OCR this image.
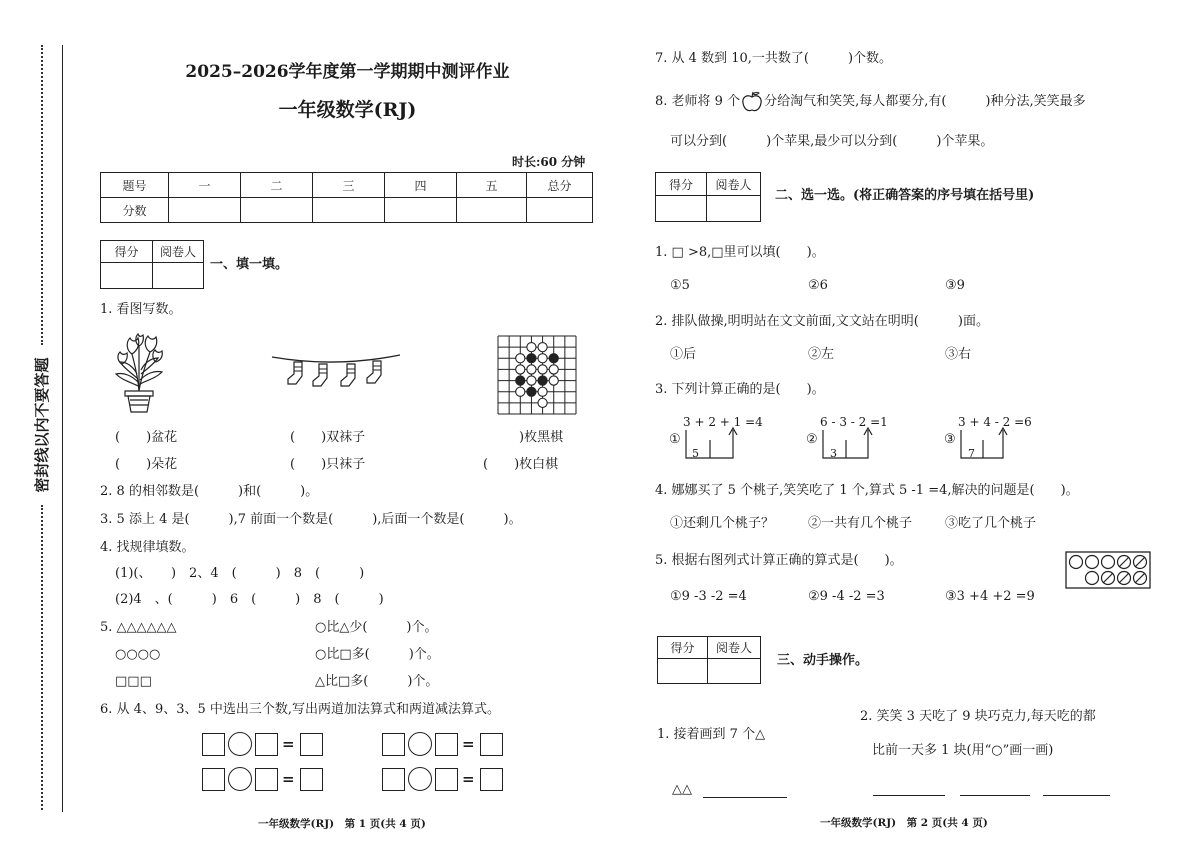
密封线以内不要答题
2025–2026学年度第一学期期中测评作业
一年级数学(RJ)
时长:60 分钟
题号	一	二	三	四	五	总分
分数						
得分	阅卷人

一、填一填。
1. 看图写数。
(　　)盆花	(　　)双袜子	)枚黑棋
(　　)朵花	(　　)只袜子	(　　)枚白棋
2. 8 的相邻数是(　　　)和(　　　)。
3. 5 添上 4 是(　　　),7 前面一个数是(　　　),后面一个数是(　　　)。
4. 找规律填数。
(1)(、　　)　2、4　(　　　)　8　(　　　)
(2)4　、(　　　)　6　(　　　)　8　(　　　)
5. △△△△△△
○○○○
□□□
○比△少(　　　)个。
○比□多(　　　)个。
△比□多(　　　)个。
6. 从 4、9、3、5 中选出三个数,写出两道加法算式和两道减法算式。
=	=
=	=
一年级数学(RJ)　第 1 页(共 4 页)
7. 从 4 数到 10,一共数了(　　　)个数。
8. 老师将 9 个 分给淘气和笑笑,每人都要分,有(　　　)种分法,笑笑最多
可以分到(　　　)个苹果,最少可以分到(　　　)个苹果。
得分	阅卷人

二、选一选。(将正确答案的序号填在括号里)
1. □ >8,□里可以填(　　)。
①5	②6	③9
2. 排队做操,明明站在文文前面,文文站在明明(　　　)面。
①后	②左	③右
3. 下列计算正确的是(　　)。
3 + 2 + 1 =4
①
5
6 - 3 - 2 =1
②
3
3 + 4 - 2 =6
③
7
4. 娜娜买了 5 个桃子,笑笑吃了 1 个,算式 5 -1 =4,解决的问题是(　　)。
①还剩几个桃子？	②一共有几个桃子	③吃了几个桃子
5. 根据右图列式计算正确的算式是(　　)。
①9 -3 -2 =4	②9 -4 -2 =3	③3 +4 +2 =9
得分	阅卷人

三、动手操作。
2. 笑笑 3 天吃了 9 块巧克力,每天吃的都
1. 接着画到 7 个△
比前一天多 1 块(用“○”画一画)
△△
一年级数学(RJ)　第 2 页(共 4 页)
